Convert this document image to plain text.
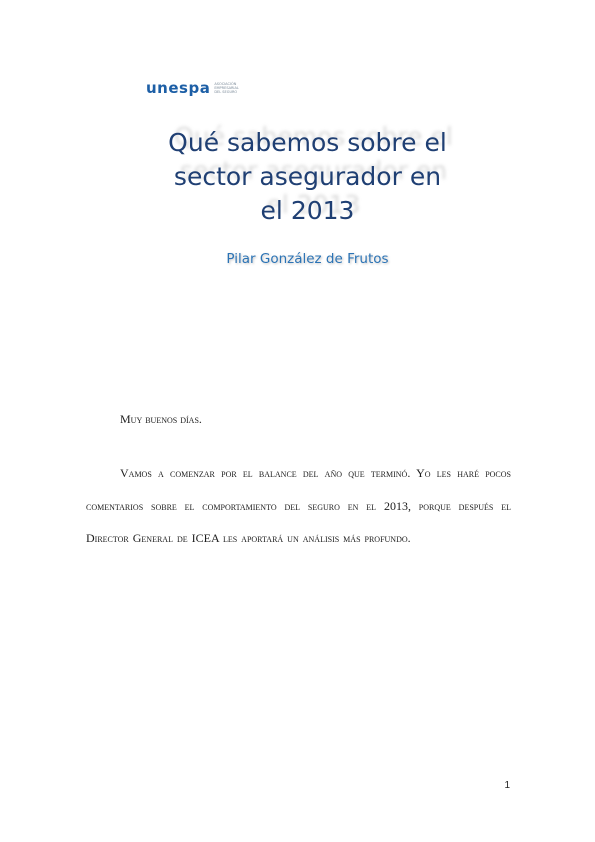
unespa ASOCIACIÓN
EMPRESARIAL
DEL SEGURO
Qué sabemos sobre el
sector asegurador en
el 2013
Pilar González de Frutos

Muy buenos días.

Vamos a comenzar por el balance del año que terminó. Yo les haré pocos comentarios sobre el comportamiento del seguro en el 2013, porque después el Director General de ICEA les aportará un análisis más profundo.

1
